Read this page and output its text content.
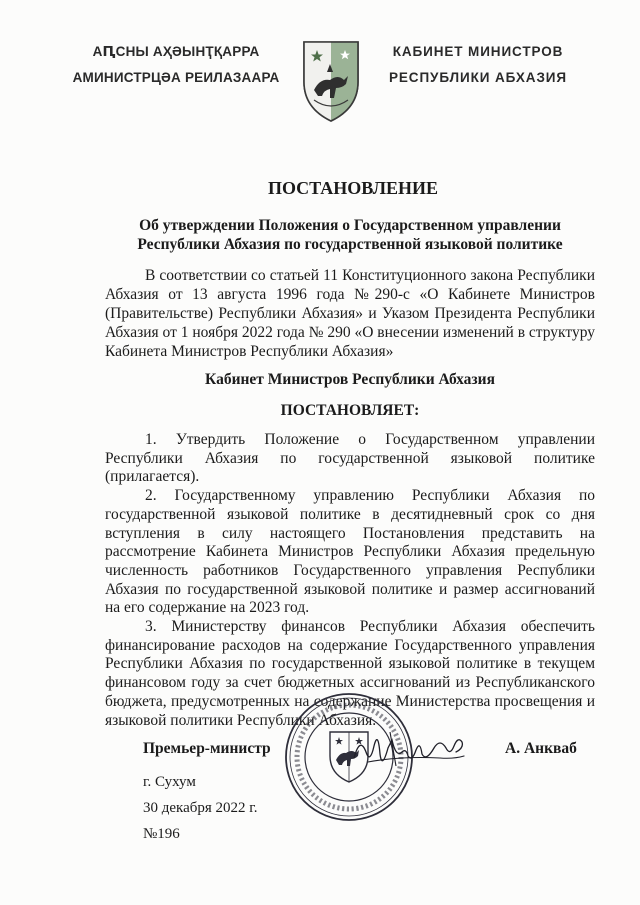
АԤСНЫ АҲӘЫНҬҚАРРА
АМИНИСТРЦӘА РЕИЛАЗААРА
КАБИНЕТ МИНИСТРОВ
РЕСПУБЛИКИ АБХАЗИЯ
ПОСТАНОВЛЕНИЕ
Об утверждении Положения о Государственном управлении
Республики Абхазия по государственной языковой политике

В соответствии со статьей 11 Конституционного закона Республики Абхазия от 13 августа 1996 года №290-с «О Кабинете Министров (Правительстве) Республики Абхазия» и Указом Президента Республики Абхазия от 1 ноября 2022 года № 290 «О внесении изменений в структуру Кабинета Министров Республики Абхазия»

Кабинет Министров Республики Абхазия
ПОСТАНОВЛЯЕТ:

1. Утвердить Положение о Государственном управлении Республики Абхазия по государственной языковой политике (прилагается).

2. Государственному управлению Республики Абхазия по государственной языковой политике в десятидневный срок со дня вступления в силу настоящего Постановления представить на рассмотрение Кабинета Министров Республики Абхазия предельную численность работников Государственного управления Республики Абхазия по государственной языковой политике и размер ассигнований на его содержание на 2023 год.

3. Министерству финансов Республики Абхазия обеспечить финансирование расходов на содержание Государственного управления Республики Абхазия по государственной языковой политике в текущем финансовом году за счет бюджетных ассигнований из Республиканского бюджета, предусмотренных на содержание Министерства просвещения и языковой политики Республики Абхазия.

Премьер-министр	А. Анкваб
г. Сухум
30 декабря 2022 г.
№196
